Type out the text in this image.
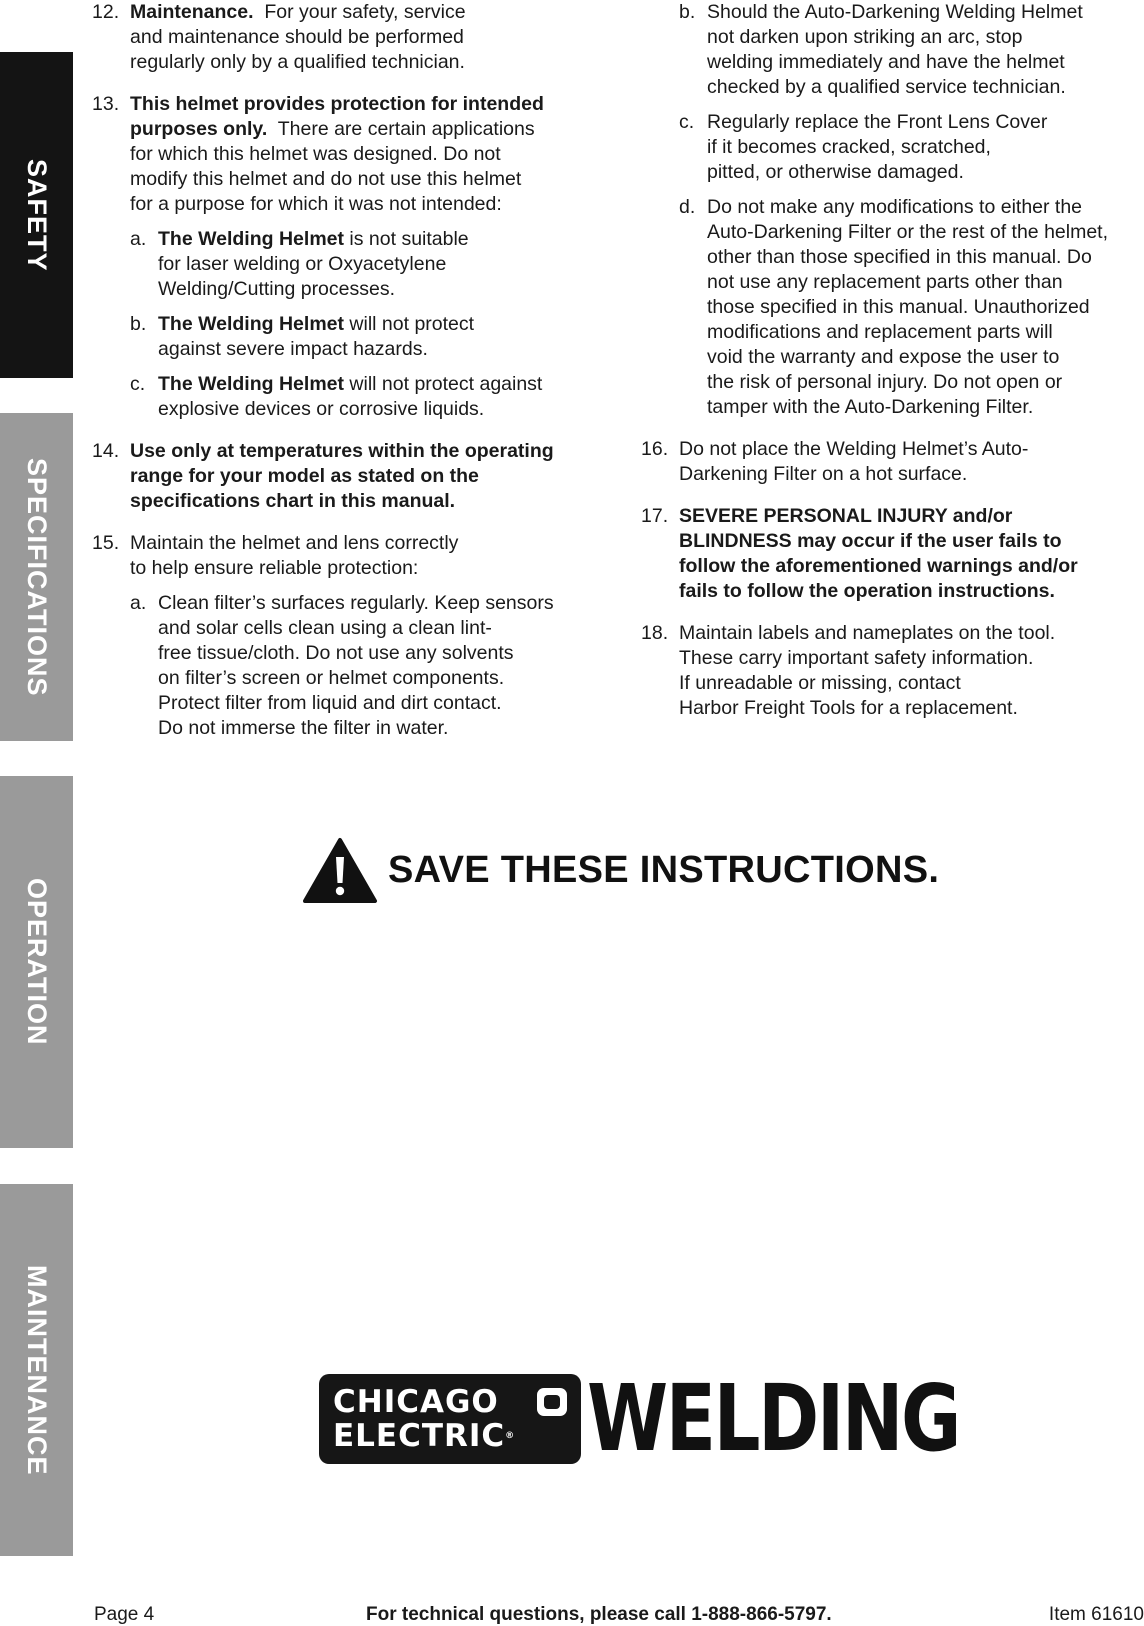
SAFETY
SPECIFICATIONS
OPERATION
MAINTENANCE
12. Maintenance.  For your safety, service
and maintenance should be performed
regularly only by a qualified technician.
13. This helmet provides protection for intended
purposes only.  There are certain applications
for which this helmet was designed. Do not
modify this helmet and do not use this helmet
for a purpose for which it was not intended:
a. The Welding Helmet is not suitable
for laser welding or Oxyacetylene
Welding/Cutting processes.
b. The Welding Helmet will not protect
against severe impact hazards.
c. The Welding Helmet will not protect against
explosive devices or corrosive liquids.
14. Use only at temperatures within the operating
range for your model as stated on the
specifications chart in this manual.
15. Maintain the helmet and lens correctly
to help ensure reliable protection:
a. Clean filter’s surfaces regularly. Keep sensors
and solar cells clean using a clean lint-
free tissue/cloth. Do not use any solvents
on filter’s screen or helmet components.
Protect filter from liquid and dirt contact.
Do not immerse the filter in water.
b. Should the Auto-Darkening Welding Helmet
not darken upon striking an arc, stop
welding immediately and have the helmet
checked by a qualified service technician.
c. Regularly replace the Front Lens Cover
if it becomes cracked, scratched,
pitted, or otherwise damaged.
d. Do not make any modifications to either the
Auto-Darkening Filter or the rest of the helmet,
other than those specified in this manual. Do
not use any replacement parts other than
those specified in this manual. Unauthorized
modifications and replacement parts will
void the warranty and expose the user to
the risk of personal injury. Do not open or
tamper with the Auto-Darkening Filter.
16. Do not place the Welding Helmet’s Auto-
Darkening Filter on a hot surface.
17. SEVERE PERSONAL INJURY and/or
BLINDNESS may occur if the user fails to
follow the aforementioned warnings and/or
fails to follow the operation instructions.
18. Maintain labels and nameplates on the tool.
These carry important safety information.
If unreadable or missing, contact
Harbor Freight Tools for a replacement.
SAVE THESE INSTRUCTIONS.
CHICAGO
ELECTRIC® WELDING
Page 4	For technical questions, please call 1-888-866-5797.	Item 61610
